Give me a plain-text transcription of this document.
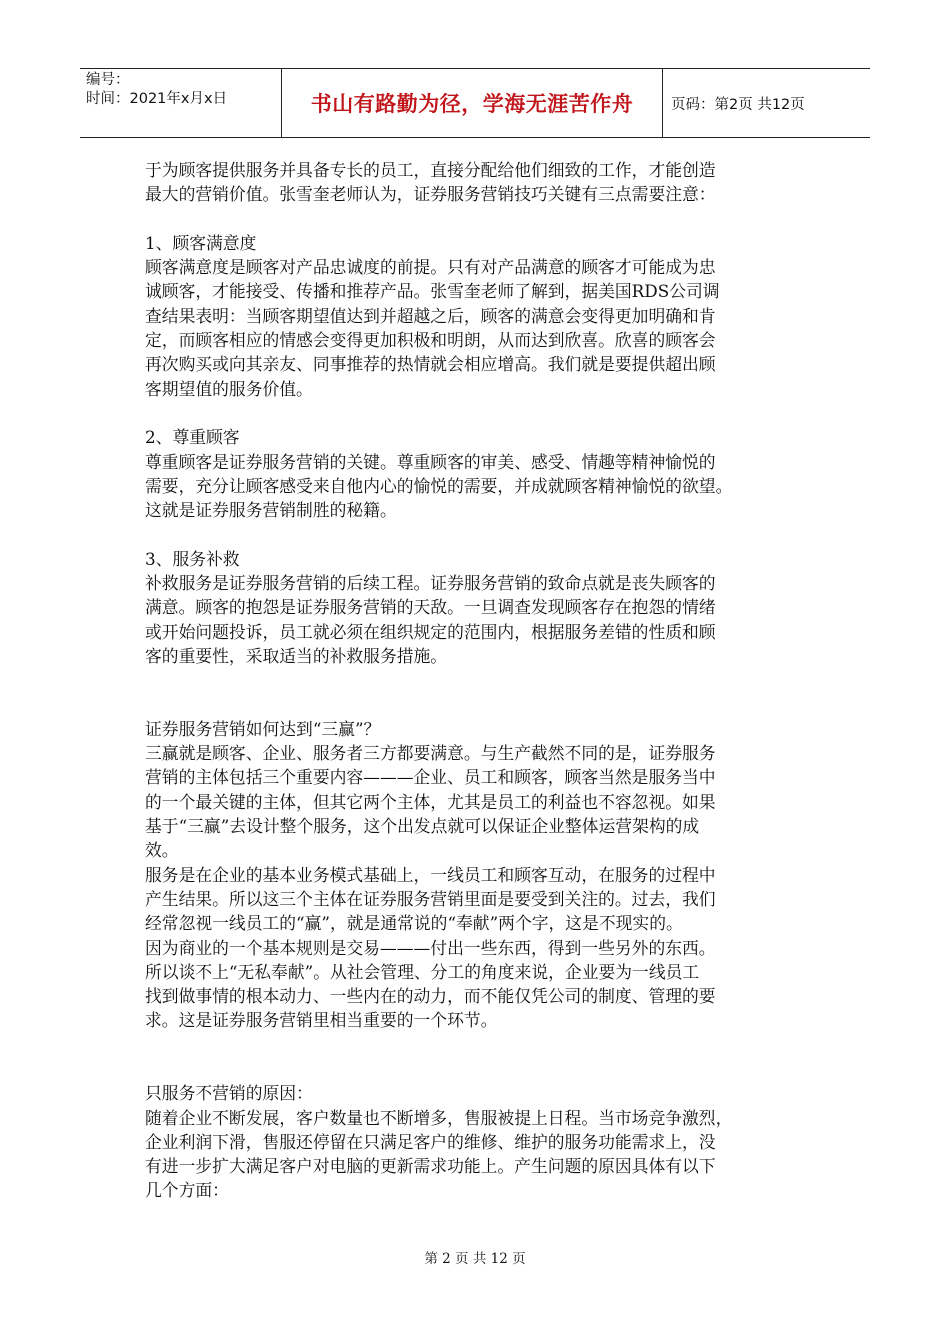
编号：
时间：2021年x月x日	书山有路勤为径，学海无涯苦作舟	页码：第2页 共12页

于为顾客提供服务并具备专长的员工，直接分配给他们细致的工作，才能创造

最大的营销价值。张雪奎老师认为，证券服务营销技巧关键有三点需要注意：

1、顾客满意度

顾客满意度是顾客对产品忠诚度的前提。只有对产品满意的顾客才可能成为忠

诚顾客，才能接受、传播和推荐产品。张雪奎老师了解到，据美国RDS公司调

查结果表明：当顾客期望值达到并超越之后，顾客的满意会变得更加明确和肯

定，而顾客相应的情感会变得更加积极和明朗，从而达到欣喜。欣喜的顾客会

再次购买或向其亲友、同事推荐的热情就会相应增高。我们就是要提供超出顾

客期望值的服务价值。

2、尊重顾客

尊重顾客是证券服务营销的关键。尊重顾客的审美、感受、情趣等精神愉悦的

需要，充分让顾客感受来自他内心的愉悦的需要，并成就顾客精神愉悦的欲望。

这就是证券服务营销制胜的秘籍。

3、服务补救

补救服务是证券服务营销的后续工程。证券服务营销的致命点就是丧失顾客的

满意。顾客的抱怨是证券服务营销的天敌。一旦调查发现顾客存在抱怨的情绪

或开始问题投诉，员工就必须在组织规定的范围内，根据服务差错的性质和顾

客的重要性，采取适当的补救服务措施。

证券服务营销如何达到“三赢”？

三赢就是顾客、企业、服务者三方都要满意。与生产截然不同的是，证券服务

营销的主体包括三个重要内容———企业、员工和顾客，顾客当然是服务当中

的一个最关键的主体，但其它两个主体，尤其是员工的利益也不容忽视。如果

基于“三赢”去设计整个服务，这个出发点就可以保证企业整体运营架构的成

效。

服务是在企业的基本业务模式基础上，一线员工和顾客互动，在服务的过程中

产生结果。所以这三个主体在证券服务营销里面是要受到关注的。过去，我们

经常忽视一线员工的“赢”，就是通常说的“奉献”两个字，这是不现实的。

因为商业的一个基本规则是交易———付出一些东西，得到一些另外的东西。

所以谈不上“无私奉献”。从社会管理、分工的角度来说，企业要为一线员工

找到做事情的根本动力、一些内在的动力，而不能仅凭公司的制度、管理的要

求。这是证券服务营销里相当重要的一个环节。

只服务不营销的原因：

随着企业不断发展，客户数量也不断增多，售服被提上日程。当市场竞争激烈，

企业利润下滑，售服还停留在只满足客户的维修、维护的服务功能需求上，没

有进一步扩大满足客户对电脑的更新需求功能上。产生问题的原因具体有以下

几个方面：

第 2 页 共 12 页
